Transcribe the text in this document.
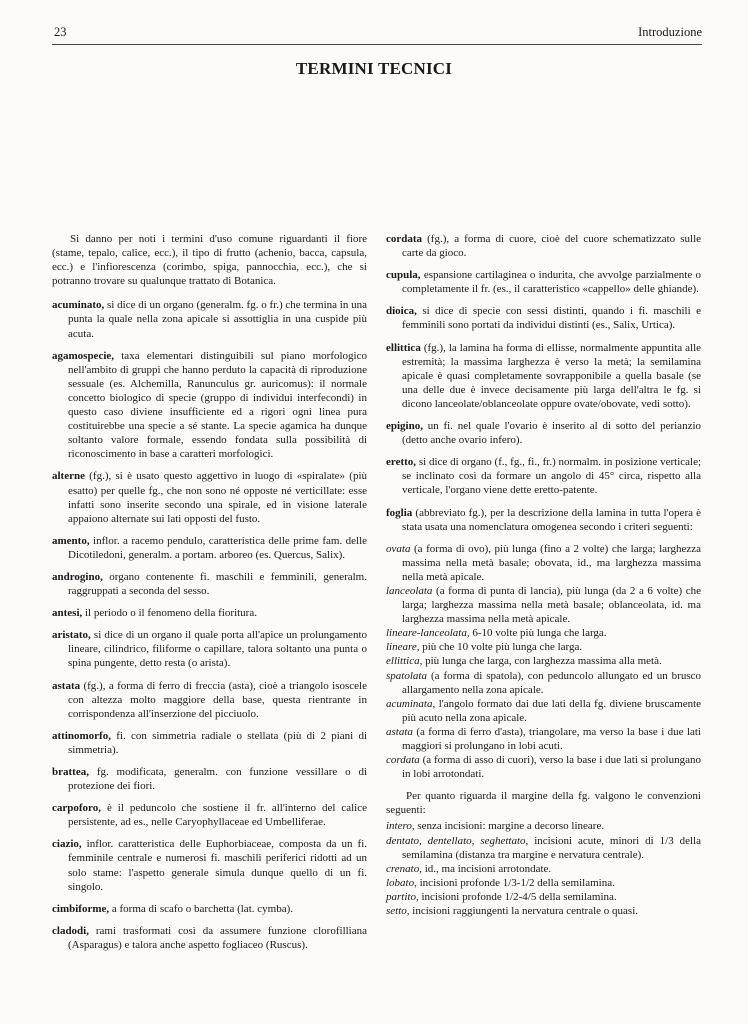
23	Introduzione
TERMINI TECNICI

Si danno per noti i termini d'uso comune riguardanti il fiore (stame, tepalo, calice, ecc.), il tipo di frutto (achenio, bacca, capsula, ecc.) e l'infiorescenza (corimbo, spiga, pannocchia, ecc.), che si potranno trovare su qualunque trattato di Botanica.

acuminato, si dice di un organo (generalm. fg. o fr.) che termina in una punta la quale nella zona apicale si assottiglia in una cuspide più acuta.

agamospecie, taxa elementari distinguibili sul piano morfologico nell'ambito di gruppi che hanno perduto la capacità di riproduzione sessuale (es. Alchemilla, Ranunculus gr. auricomus): il normale concetto biologico di specie (gruppo di individui interfecondi) in questo caso diviene insufficiente ed a rigori ogni linea pura costituirebbe una specie a sé stante. La specie agamica ha dunque soltanto valore formale, essendo fondata sulla possibilità di riconoscimento in base a caratteri morfologici.

alterne (fg.), si è usato questo aggettivo in luogo di «spiralate» (più esatto) per quelle fg., che non sono né opposte né verticillate: esse infatti sono inserite secondo una spirale, ed in visione laterale appaiono alternate sui lati opposti del fusto.

amento, inflor. a racemo pendulo, caratteristica delle prime fam. delle Dicotiledoni, generalm. a portam. arboreo (es. Quercus, Salix).

androgino, organo contenente fi. maschili e femminili, generalm. raggruppati a seconda del sesso.

antesi, il periodo o il fenomeno della fioritura.

aristato, si dice di un organo il quale porta all'apice un prolungamento lineare, cilindrico, filiforme o capillare, talora soltanto una punta o spina pungente, detto resta (o arista).

astata (fg.), a forma di ferro di freccia (asta), cioè a triangolo isoscele con altezza molto maggiore della base, questa rientrante in corrispondenza all'inserzione del picciuolo.

attinomorfo, fi. con simmetria radiale o stellata (più di 2 piani di simmetria).

brattea, fg. modificata, generalm. con funzione vessillare o di protezione dei fiori.

carpoforo, è il peduncolo che sostiene il fr. all'interno del calice persistente, ad es., nelle Caryophyllaceae ed Umbelliferae.

ciazio, inflor. caratteristica delle Euphorbiaceae, composta da un fi. femminile centrale e numerosi fi. maschili periferici ridotti ad un solo stame: l'aspetto generale simula dunque quello di un fi. singolo.

cimbiforme, a forma di scafo o barchetta (lat. cymba).

cladodi, rami trasformati così da assumere funzione clorofilliana (Asparagus) e talora anche aspetto fogliaceo (Ruscus).

cordata (fg.), a forma di cuore, cioè del cuore schematizzato sulle carte da gioco.

cupula, espansione cartilaginea o indurita, che avvolge parzialmente o completamente il fr. (es., il caratteristico «cappello» delle ghiande).

dioica, si dice di specie con sessi distinti, quando i fi. maschili e femminili sono portati da individui distinti (es., Salix, Urtica).

ellittica (fg.), la lamina ha forma di ellisse, normalmente appuntita alle estremità; la massima larghezza è verso la metà; la semilamina apicale è quasi completamente sovrapponibile a quella basale (se una delle due è invece decisamente più larga dell'altra le fg. si dicono lanceolate/oblanceolate oppure ovate/obovate, vedi sotto).

epigino, un fi. nel quale l'ovario è inserito al di sotto del perianzio (detto anche ovario infero).

eretto, si dice di organo (f., fg., fi., fr.) normalm. in posizione verticale; se inclinato così da formare un angolo di 45° circa, rispetto alla verticale, l'organo viene dette eretto-patente.

foglia (abbreviato fg.), per la descrizione della lamina in tutta l'opera è stata usata una nomenclatura omogenea secondo i criteri seguenti:

ovata (a forma di ovo), più lunga (fino a 2 volte) che larga; larghezza massima nella metà basale; obovata, id., ma larghezza massima nella metà apicale.

lanceolata (a forma di punta di lancia), più lunga (da 2 a 6 volte) che larga; larghezza massima nella metà basale; oblanceolata, id. ma larghezza massima nella metà apicale.

lineare-lanceolata, 6-10 volte più lunga che larga.

lineare, più che 10 volte più lunga che larga.

ellittica, più lunga che larga, con larghezza massima alla metà.

spatolata (a forma di spatola), con peduncolo allungato ed un brusco allargamento nella zona apicale.

acuminata, l'angolo formato dai due lati della fg. diviene bruscamente più acuto nella zona apicale.

astata (a forma di ferro d'asta), triangolare, ma verso la base i due lati maggiori si prolungano in lobi acuti.

cordata (a forma di asso di cuori), verso la base i due lati si prolungano in lobi arrotondati.

Per quanto riguarda il margine della fg. valgono le convenzioni seguenti:

intero, senza incisioni: margine a decorso lineare.

dentato, dentellato, seghettato, incisioni acute, minori di 1/3 della semilamina (distanza tra margine e nervatura centrale).

crenato, id., ma incisioni arrotondate.

lobato, incisioni profonde 1/3-1/2 della semilamina.

partito, incisioni profonde 1/2-4/5 della semilamina.

setto, incisioni raggiungenti la nervatura centrale o quasi.
